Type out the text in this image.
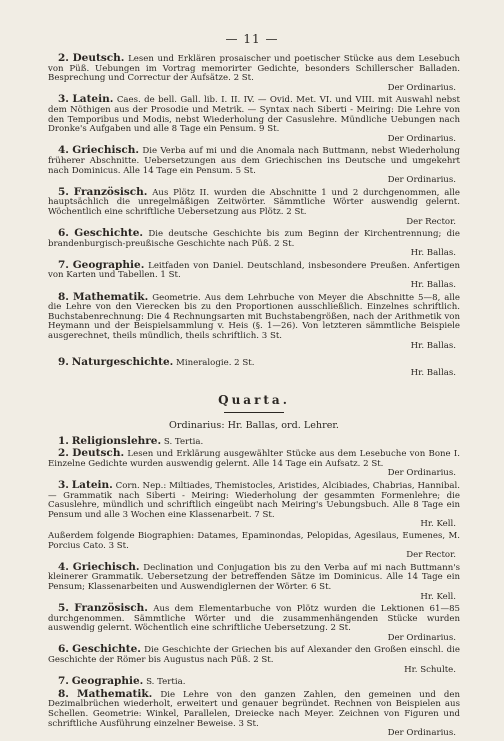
— 11 —
2. Deutsch. Lesen und Erklären prosaischer und poetischer Stücke aus dem Lesebuch von Püß. Uebungen im Vortrag memorirter Gedichte, besonders Schillerscher Balladen. Besprechung und Correctur der Aufsätze. 2 St.
Der Ordinarius.
3. Latein. Caes. de bell. Gall. lib. I. II. IV. — Ovid. Met. VI. und VIII. mit Auswahl nebst dem Nöthigen aus der Prosodie und Metrik. — Syntax nach Siberti - Meiring: Die Lehre von den Temporibus und Modis, nebst Wiederholung der Casuslehre. Mündliche Uebungen nach Dronke's Aufgaben und alle 8 Tage ein Pensum. 9 St.
Der Ordinarius.
4. Griechisch. Die Verba auf mi und die Anomala nach Buttmann, nebst Wiederholung früherer Abschnitte. Uebersetzungen aus dem Griechischen ins Deutsche und umgekehrt nach Dominicus. Alle 14 Tage ein Pensum. 5 St.
Der Ordinarius.
5. Französisch. Aus Plötz II. wurden die Abschnitte 1 und 2 durchgenommen, alle hauptsächlich die unregelmäßigen Zeitwörter. Sämmtliche Wörter auswendig gelernt. Wöchentlich eine schriftliche Uebersetzung aus Plötz. 2 St.
Der Rector.
6. Geschichte. Die deutsche Geschichte bis zum Beginn der Kirchentrennung; die brandenburgisch-preußische Geschichte nach Püß. 2 St.
Hr. Ballas.
7. Geographie. Leitfaden von Daniel. Deutschland, insbesondere Preußen. Anfertigen von Karten und Tabellen. 1 St.
Hr. Ballas.
8. Mathematik. Geometrie. Aus dem Lehrbuche von Meyer die Abschnitte 5—8, alle die Lehre von den Vierecken bis zu den Proportionen ausschließlich. Einzelnes schriftlich. Buchstabenrechnung: Die 4 Rechnungsarten mit Buchstabengrößen, nach der Arithmetik von Heymann und der Beispielsammlung v. Heis (§. 1—26). Von letzteren sämmtliche Beispiele ausgerechnet, theils mündlich, theils schriftlich. 3 St.
Hr. Ballas.
9. Naturgeschichte. Mineralogie. 2 St.
Hr. Ballas.
Quarta.
Ordinarius: Hr. Ballas, ord. Lehrer.
1. Religionslehre. S. Tertia.
2. Deutsch. Lesen und Erklärung ausgewählter Stücke aus dem Lesebuche von Bone I. Einzelne Gedichte wurden auswendig gelernt. Alle 14 Tage ein Aufsatz. 2 St.
Der Ordinarius.
3. Latein. Corn. Nep.: Miltiades, Themistocles, Aristides, Alcibiades, Chabrias, Hannibal. — Grammatik nach Siberti - Meiring: Wiederholung der gesammten Formenlehre; die Casuslehre, mündlich und schriftlich eingeübt nach Meiring's Uebungsbuch. Alle 8 Tage ein Pensum und alle 3 Wochen eine Klassenarbeit. 7 St.
Hr. Kell.
Außerdem folgende Biographien: Datames, Epaminondas, Pelopidas, Agesilaus, Eumenes, M. Porcius Cato. 3 St.
Der Rector.
4. Griechisch. Declination und Conjugation bis zu den Verba auf mi nach Buttmann's kleinerer Grammatik. Uebersetzung der betreffenden Sätze im Dominicus. Alle 14 Tage ein Pensum; Klassenarbeiten und Auswendiglernen der Wörter. 6 St.
Hr. Kell.
5. Französisch. Aus dem Elementarbuche von Plötz wurden die Lektionen 61—85 durchgenommen. Sämmtliche Wörter und die zusammenhängenden Stücke wurden auswendig gelernt. Wöchentlich eine schriftliche Uebersetzung. 2 St.
Der Ordinarius.
6. Geschichte. Die Geschichte der Griechen bis auf Alexander den Großen einschl. die Geschichte der Römer bis Augustus nach Püß. 2 St.
Hr. Schulte.
7. Geographie. S. Tertia.
8. Mathematik. Die Lehre von den ganzen Zahlen, den gemeinen und den Dezimalbrüchen wiederholt, erweitert und genauer begründet. Rechnen von Beispielen aus Schellen. Geometrie: Winkel, Parallelen, Dreiecke nach Meyer. Zeichnen von Figuren und schriftliche Ausführung einzelner Beweise. 3 St.
Der Ordinarius.
